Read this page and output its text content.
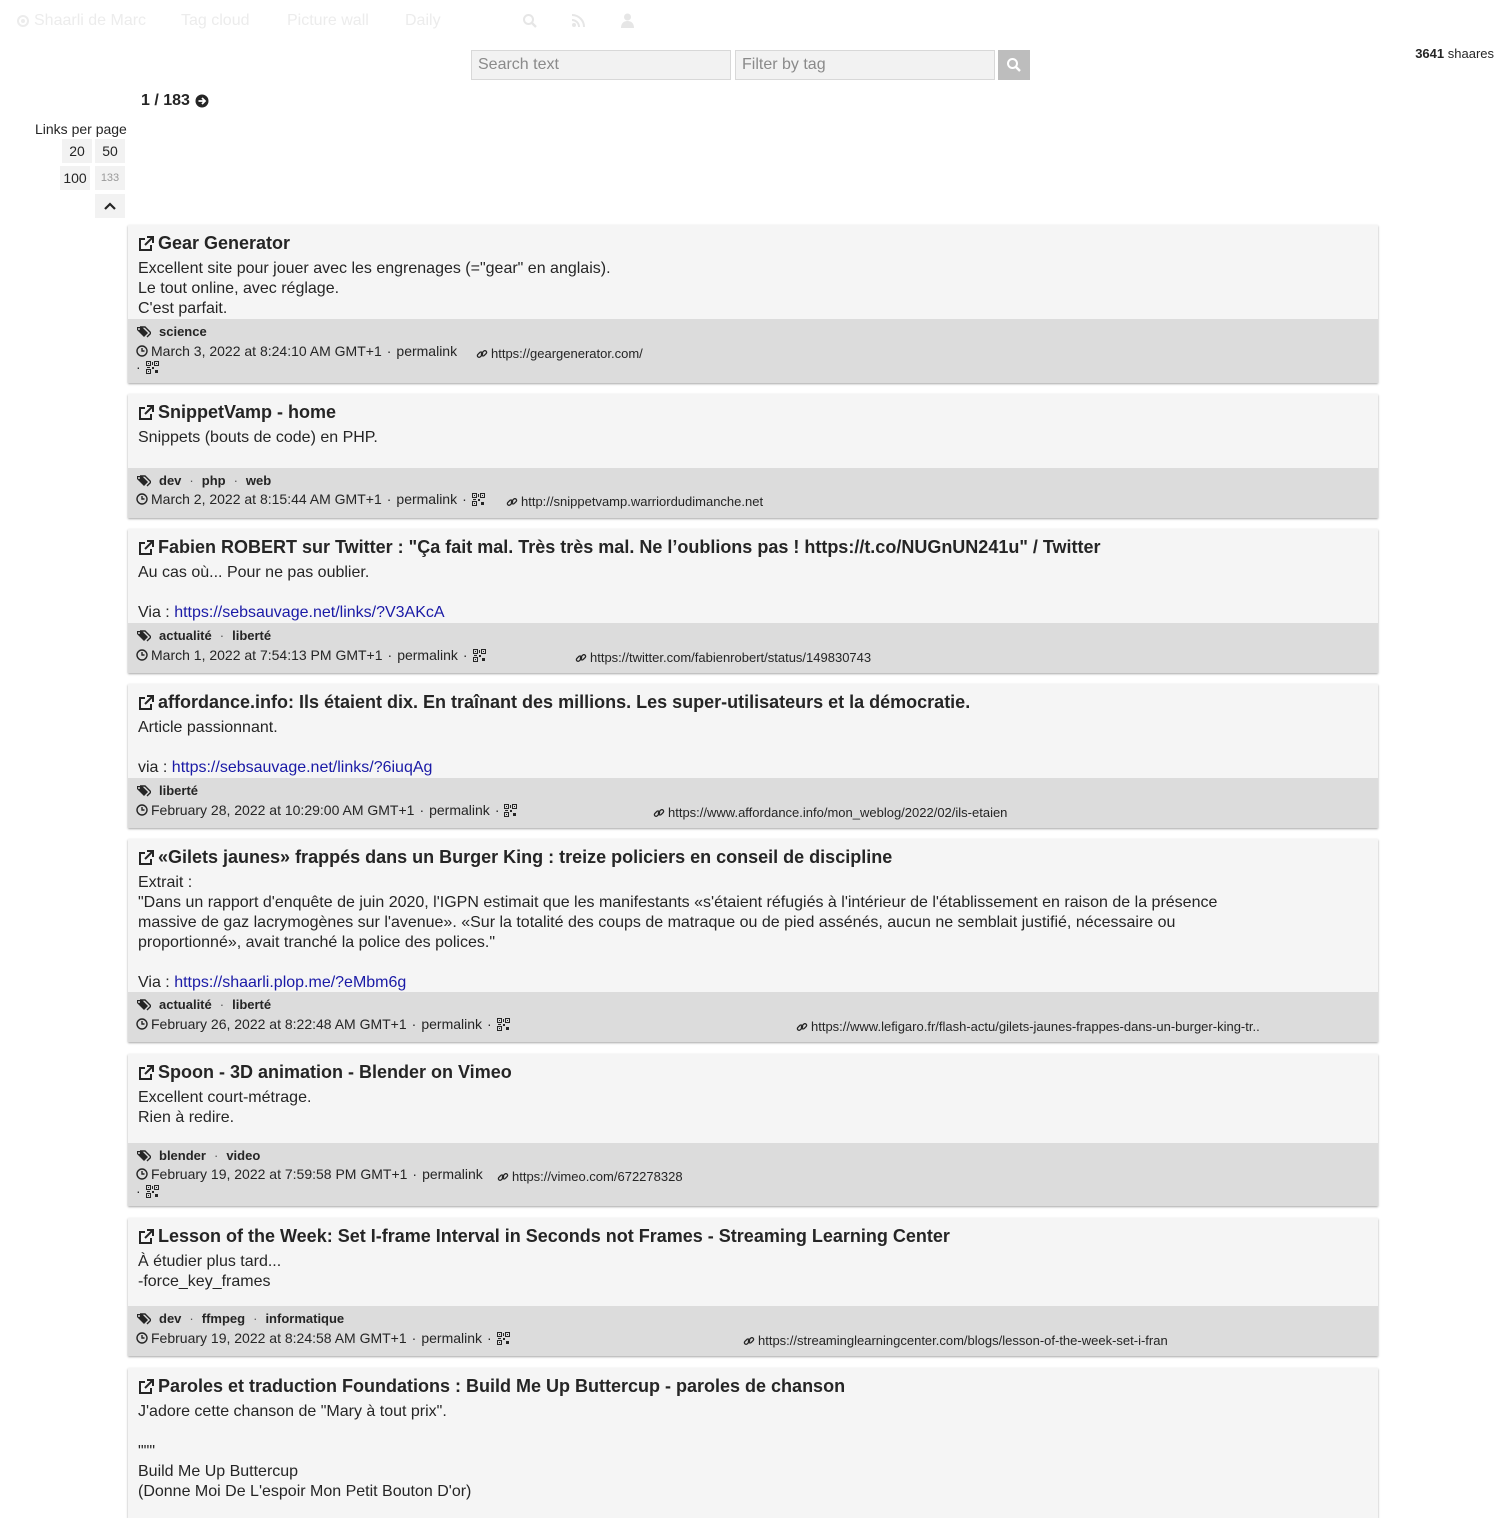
Shaarli de Marc Tag cloud Picture wall Daily
Search text
Filter by tag
3641 shaares
1 / 183
Links per page
20	50
100	133
Gear Generator
Excellent site pour jouer avec les engrenages (="gear" en anglais).
Le tout online, avec réglage.
C'est parfait.
science
March 3, 2022 at 8:24:10 AM GMT+1 · permalink
·
https://geargenerator.com/
SnippetVamp - home
Snippets (bouts de code) en PHP.
dev · php · web
March 2, 2022 at 8:15:44 AM GMT+1 · permalink ·	http://snippetvamp.warriordudimanche.net
Fabien ROBERT sur Twitter : "Ça fait mal. Très très mal. Ne l’oublions pas ! https://t.co/NUGnUN241u" / Twitter
Au cas où... Pour ne pas oublier.
Via : https://sebsauvage.net/links/?V3AKcA
actualité · liberté
March 1, 2022 at 7:54:13 PM GMT+1 · permalink ·	https://twitter.com/fabienrobert/status/149830743
affordance.info: Ils étaient dix. En traînant des millions. Les super-utilisateurs et la démocratie.
Article passionnant.
via : https://sebsauvage.net/links/?6iuqAg
liberté
February 28, 2022 at 10:29:00 AM GMT+1 · permalink ·	https://www.affordance.info/mon_weblog/2022/02/ils-etaien
«Gilets jaunes» frappés dans un Burger King : treize policiers en conseil de discipline
Extrait :
"Dans un rapport d'enquête de juin 2020, l'IGPN estimait que les manifestants «s'étaient réfugiés à l'intérieur de l'établissement en raison de la présence
massive de gaz lacrymogènes sur l'avenue». «Sur la totalité des coups de matraque ou de pied assénés, aucun ne semblait justifié, nécessaire ou
proportionné», avait tranché la police des polices."
Via : https://shaarli.plop.me/?eMbm6g
actualité · liberté
February 26, 2022 at 8:22:48 AM GMT+1 · permalink ·	https://www.lefigaro.fr/flash-actu/gilets-jaunes-frappes-dans-un-burger-king-tr..
Spoon - 3D animation - Blender on Vimeo
Excellent court-métrage.
Rien à redire.
blender · video
February 19, 2022 at 7:59:58 PM GMT+1 · permalink
·
https://vimeo.com/672278328
Lesson of the Week: Set I-frame Interval in Seconds not Frames - Streaming Learning Center
À étudier plus tard...
-force_key_frames
dev · ffmpeg · informatique
February 19, 2022 at 8:24:58 AM GMT+1 · permalink ·	https://streaminglearningcenter.com/blogs/lesson-of-the-week-set-i-fran
Paroles et traduction Foundations : Build Me Up Buttercup - paroles de chanson
J'adore cette chanson de "Mary à tout prix".
"""
Build Me Up Buttercup
(Donne Moi De L'espoir Mon Petit Bouton D'or)
